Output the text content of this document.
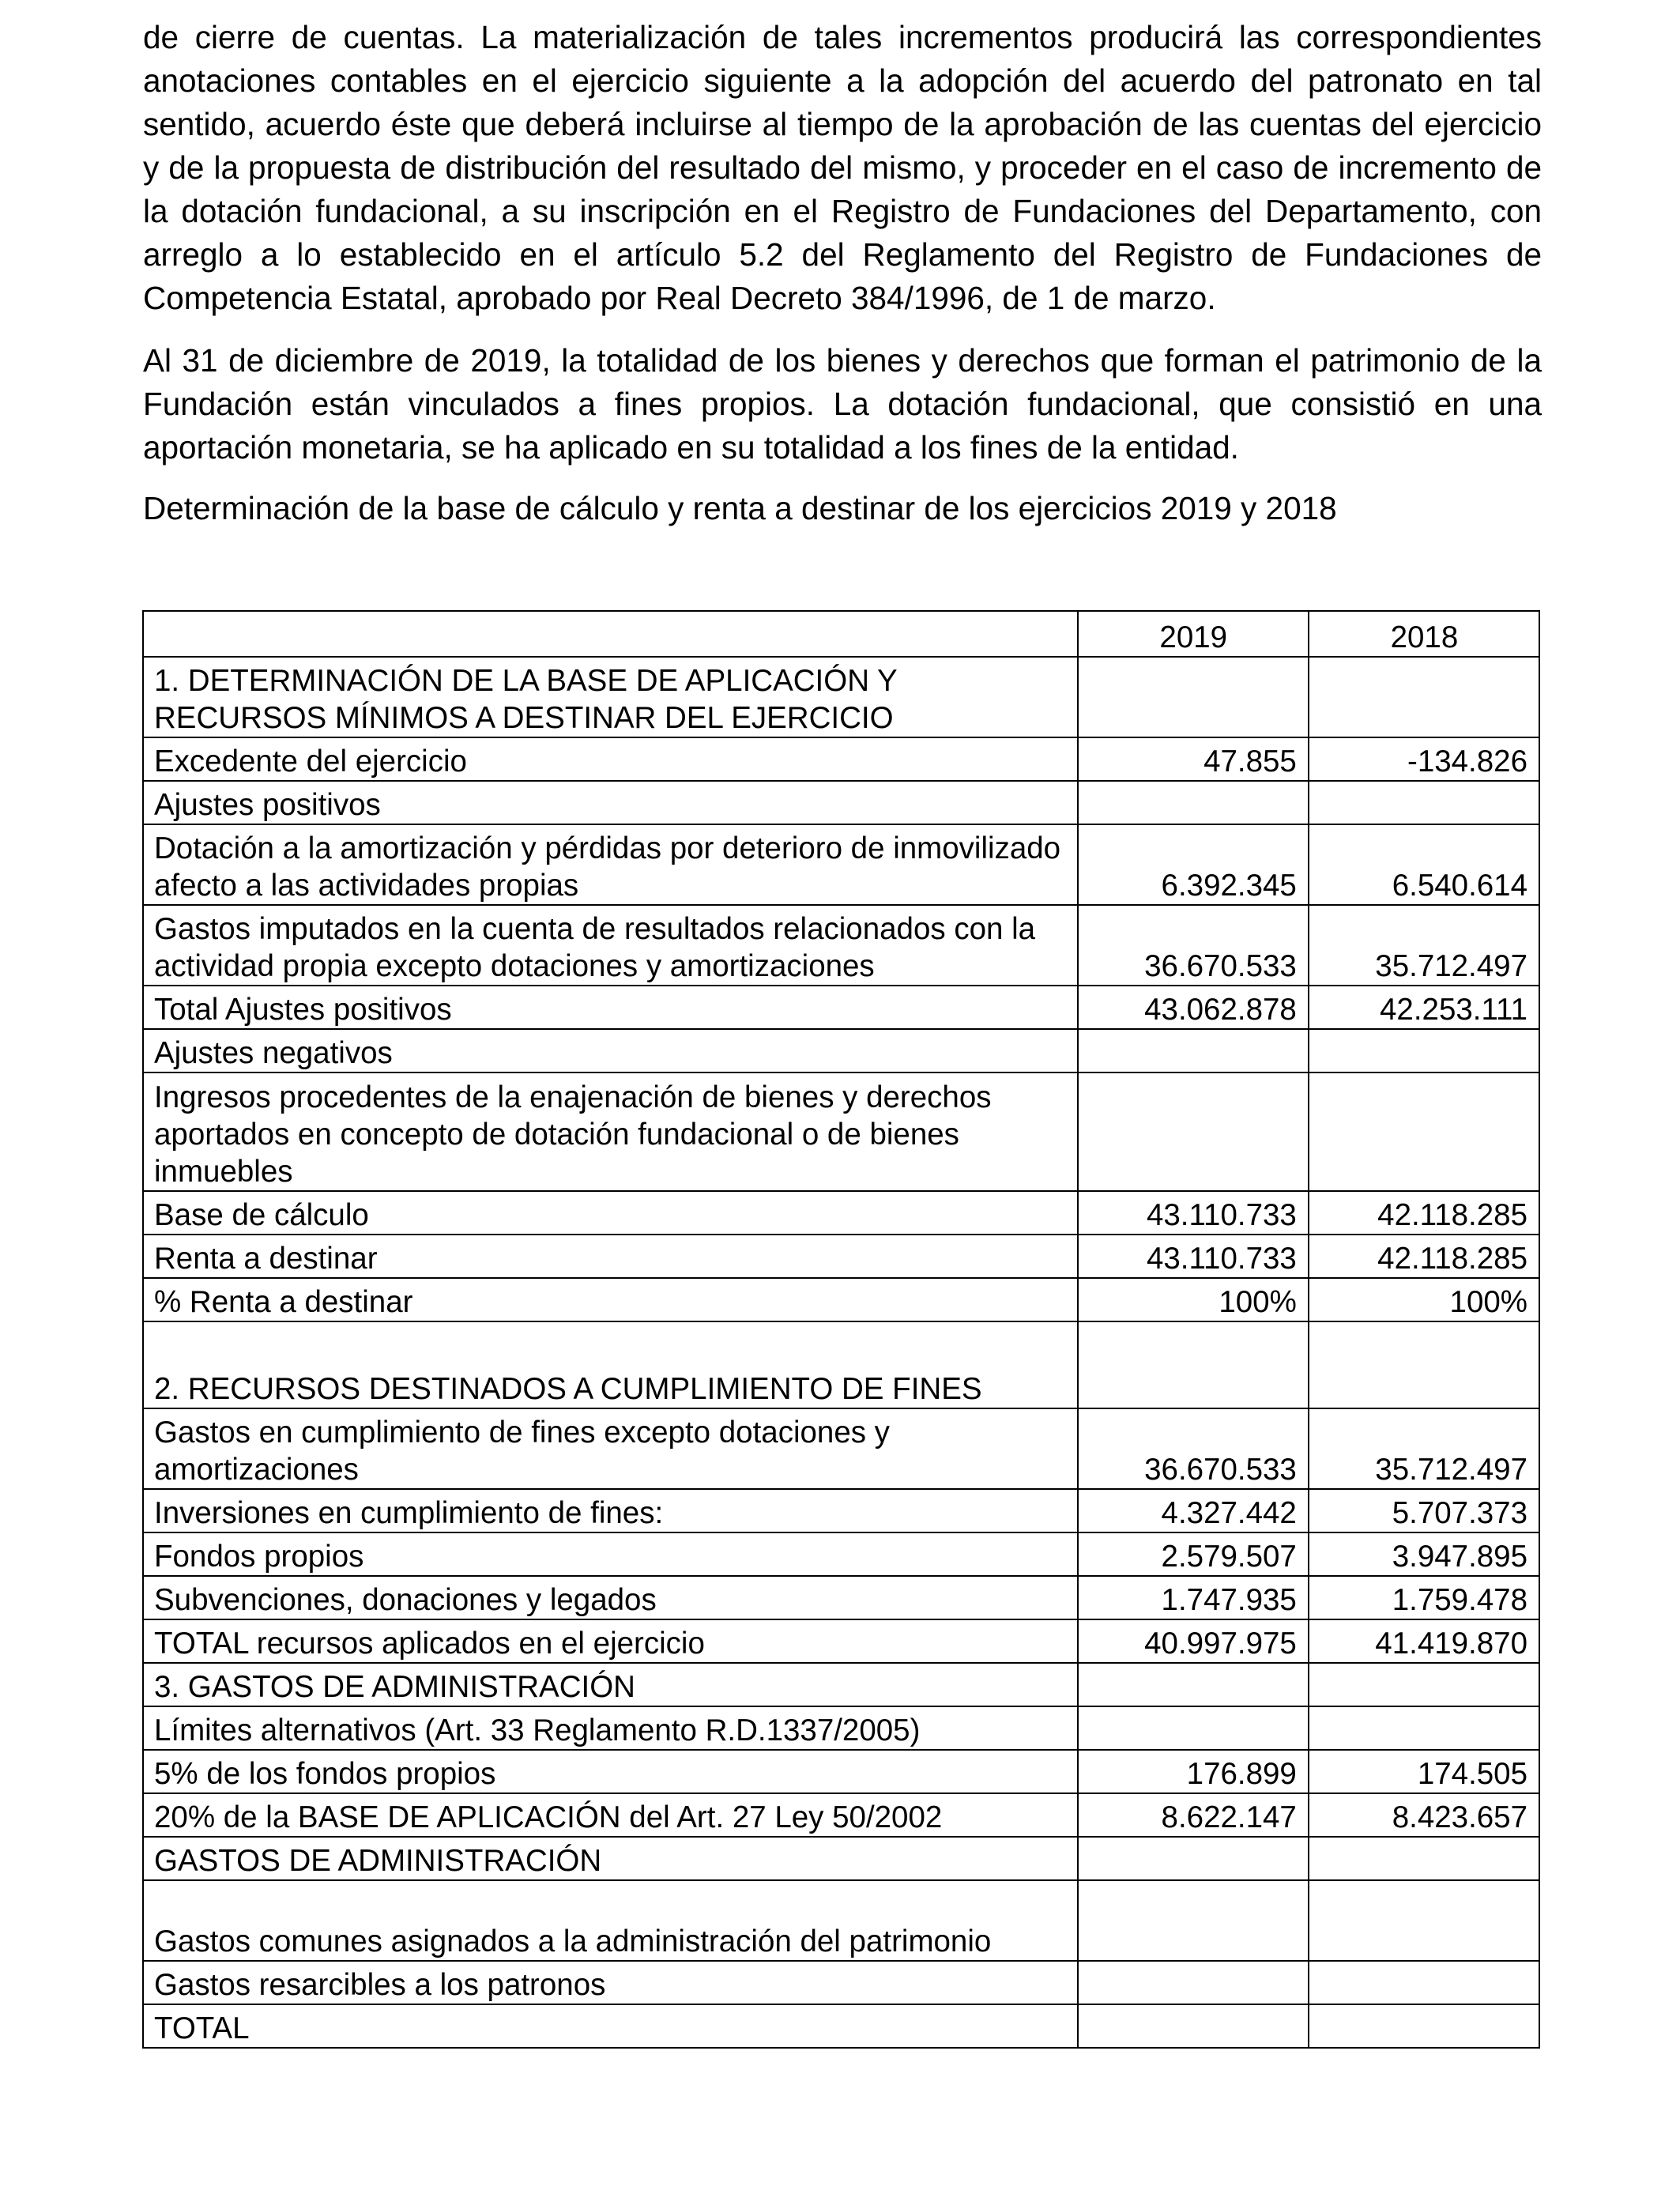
de cierre de cuentas. La materialización de tales incrementos producirá las correspondientes anotaciones contables en el ejercicio siguiente a la adopción del acuerdo del patronato en tal sentido, acuerdo éste que deberá incluirse al tiempo de la aprobación de las cuentas del ejercicio y de la propuesta de distribución del resultado del mismo, y proceder en el caso de incremento de la dotación fundacional, a su inscripción en el Registro de Fundaciones del Departamento, con arreglo a lo establecido en el artículo 5.2 del Reglamento del Registro de Fundaciones de Competencia Estatal, aprobado por Real Decreto 384/1996, de 1 de marzo.

Al 31 de diciembre de 2019, la totalidad de los bienes y derechos que forman el patrimonio de la Fundación están vinculados a fines propios. La dotación fundacional, que consistió en una aportación monetaria, se ha aplicado en su totalidad a los fines de la entidad.

Determinación de la base de cálculo y renta a destinar de los ejercicios 2019 y 2018

	2019	2018
1. DETERMINACIÓN DE LA BASE DE APLICACIÓN Y RECURSOS MÍNIMOS A DESTINAR DEL EJERCICIO		
Excedente del ejercicio	47.855	-134.826
Ajustes positivos		
Dotación a la amortización y pérdidas por deterioro de inmovilizado afecto a las actividades propias	6.392.345	6.540.614
Gastos imputados en la cuenta de resultados relacionados con la actividad propia excepto dotaciones y amortizaciones	36.670.533	35.712.497
Total Ajustes positivos	43.062.878	42.253.111
Ajustes negativos		
Ingresos procedentes de la enajenación de bienes y derechos aportados en concepto de dotación fundacional o de bienes inmuebles		
Base de cálculo	43.110.733	42.118.285
Renta a destinar	43.110.733	42.118.285
% Renta a destinar	100%	100%
2. RECURSOS DESTINADOS A CUMPLIMIENTO DE FINES		
Gastos en cumplimiento de fines excepto dotaciones y amortizaciones	36.670.533	35.712.497
Inversiones en cumplimiento de fines:	4.327.442	5.707.373
Fondos propios	2.579.507	3.947.895
Subvenciones, donaciones y legados	1.747.935	1.759.478
TOTAL recursos aplicados en el ejercicio	40.997.975	41.419.870
3. GASTOS DE ADMINISTRACIÓN		
Límites alternativos (Art. 33 Reglamento R.D.1337/2005)		
5% de los fondos propios	176.899	174.505
20% de la BASE DE APLICACIÓN del Art. 27 Ley 50/2002	8.622.147	8.423.657
GASTOS DE ADMINISTRACIÓN		
Gastos comunes asignados a la administración del patrimonio		
Gastos resarcibles a los patronos		
TOTAL		
